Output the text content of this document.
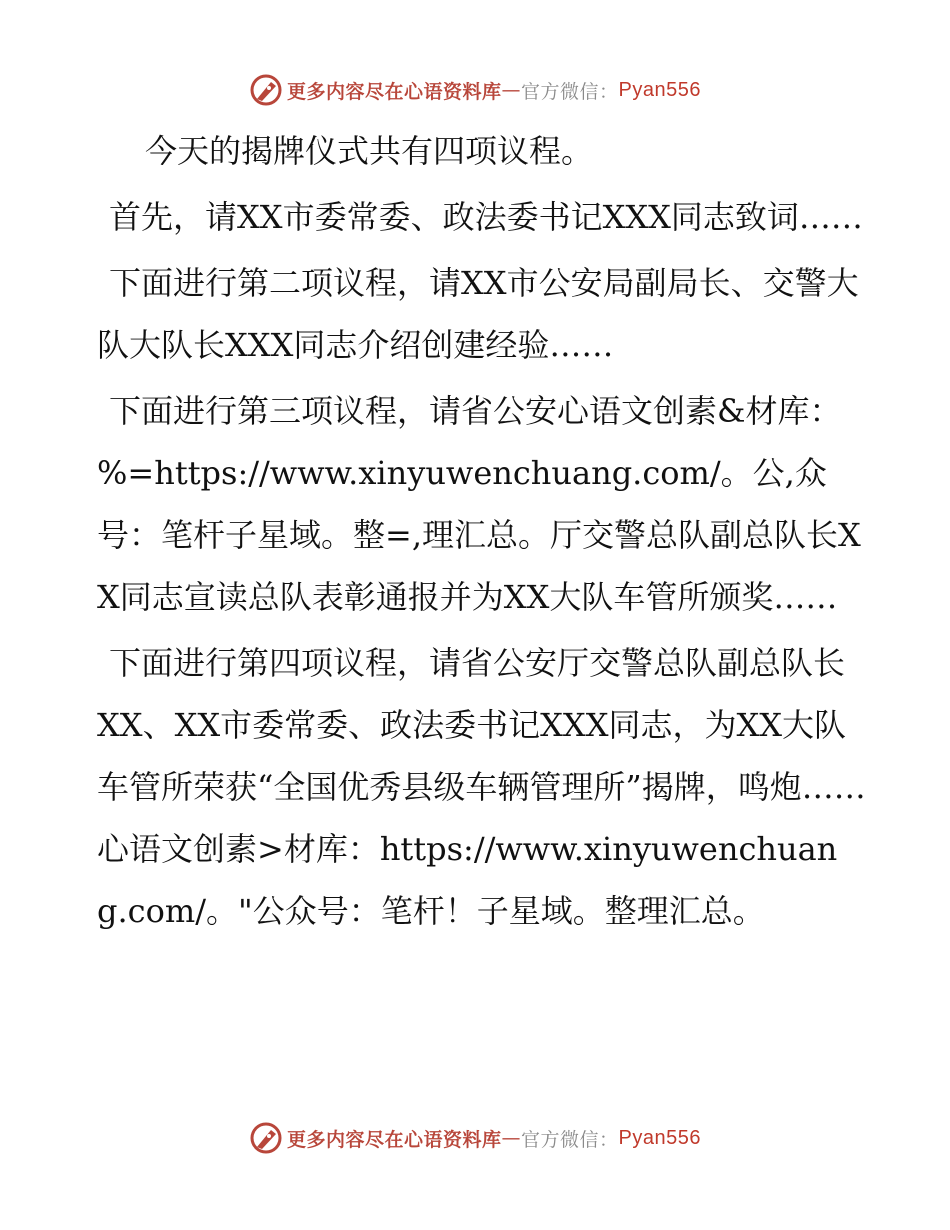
更多内容尽在心语资料库 — 官方微信： Pyan556

今天的揭牌仪式共有四项议程。

首先，请XX市委常委、政法委书记XXX同志致词……

下面进行第二项议程，请XX市公安局副局长、交警大队大队长XXX同志介绍创建经验……

下面进行第三项议程，请省公安心语文创素&材库：%=https://www.xinyuwenchuang.com/。公,众号：笔杆子星域。整=,理汇总。厅交警总队副总队长XX同志宣读总队表彰通报并为XX大队车管所颁奖……

下面进行第四项议程，请省公安厅交警总队副总队长XX、XX市委常委、政法委书记XXX同志，为XX大队车管所荣获“全国优秀县级车辆管理所”揭牌，鸣炮……心语文创素>材库：https://www.xinyuwenchuang.com/。"公众号：笔杆！子星域。整理汇总。

更多内容尽在心语资料库 — 官方微信： Pyan556
